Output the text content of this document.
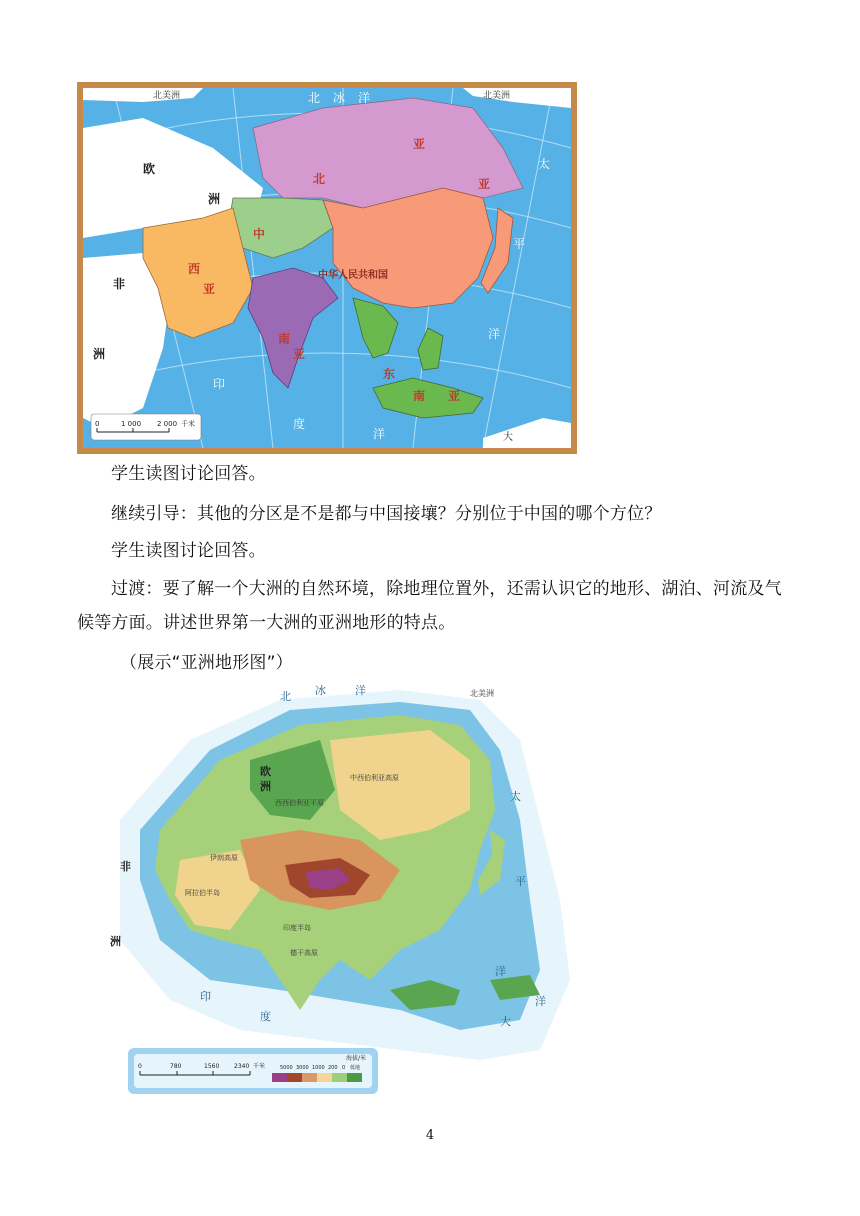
北美洲	北美洲
欧
洲
非
洲
北
亚
中
亚
西
亚
南
亚
东
南 亚
中华人民共和国
太
平
洋
印
度
洋
北 冰 洋
大
0	1 000 2 000 千米
学生读图讨论回答。
继续引导：其他的分区是不是都与中国接壤？分别位于中国的哪个方位？
学生读图讨论回答。
过渡：要了解一个大洲的自然环境，除地理位置外，还需认识它的地形、湖泊、河流及气候等方面。讲述世界第一大洲的亚洲地形的特点。
（展示“亚洲地形图”）
北 冰	洋
太
平
洋
印
度	大
洋
欧
洲
非
洲
北美洲
西西伯利亚平原
中西伯利亚高原
伊朗高原
阿拉伯半岛
印度半岛
德干高原
0	780	1560 2340 千米
海拔/米
5000 3000 1000 200 0 低地
4
